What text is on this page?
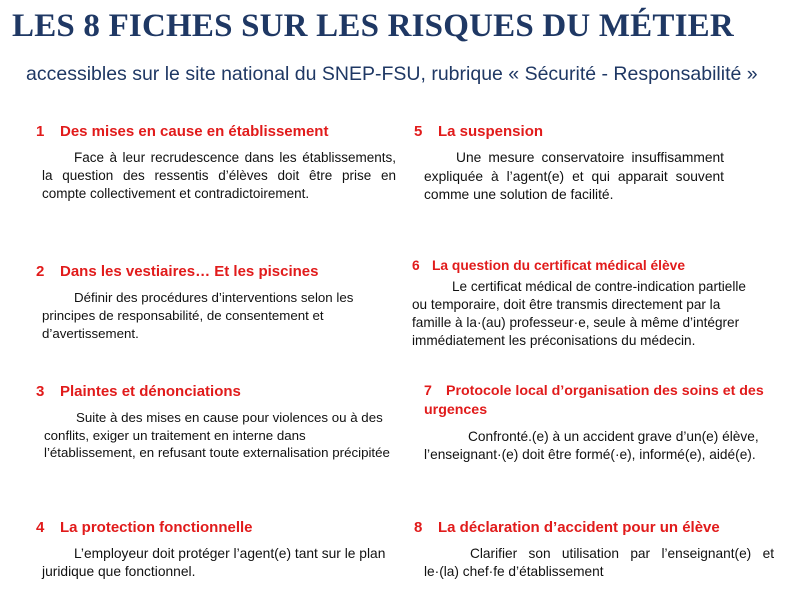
LES 8 FICHES SUR LES RISQUES DU MÉTIER
accessibles sur le site national du SNEP-FSU, rubrique « Sécurité - Responsabilité »
1 Des mises en cause en établissement
Face à leur recrudescence dans les établissements, la question des ressentis d’élèves doit être prise en compte collectivement et contradictoirement.
2 Dans les vestiaires… Et les piscines
Définir des procédures d’interventions selon les principes de responsabilité, de consentement et d’avertissement.
3 Plaintes et dénonciations
Suite à des mises en cause pour violences ou à des conflits, exiger un traitement en interne dans l’établissement, en refusant toute externalisation précipitée
4 La protection fonctionnelle
L’employeur doit protéger l’agent(e) tant sur le plan juridique que fonctionnel.
5 La suspension
Une mesure conservatoire insuffisamment expliquée à l’agent(e) et qui apparait souvent comme une solution de facilité.
6 La question du certificat médical élève
Le certificat médical de contre-indication partielle ou temporaire, doit être transmis directement par la famille à la·(au) professeur·e, seule à même d’intégrer immédiatement les préconisations du médecin.
7 Protocole local d’organisation des soins et des urgences
Confronté.(e) à un accident grave d’un(e) élève, l’enseignant·(e) doit être formé(·e), informé(e), aidé(e).
8 La déclaration d’accident pour un élève
Clarifier son utilisation par l’enseignant(e) et le·(la) chef·fe d’établissement
